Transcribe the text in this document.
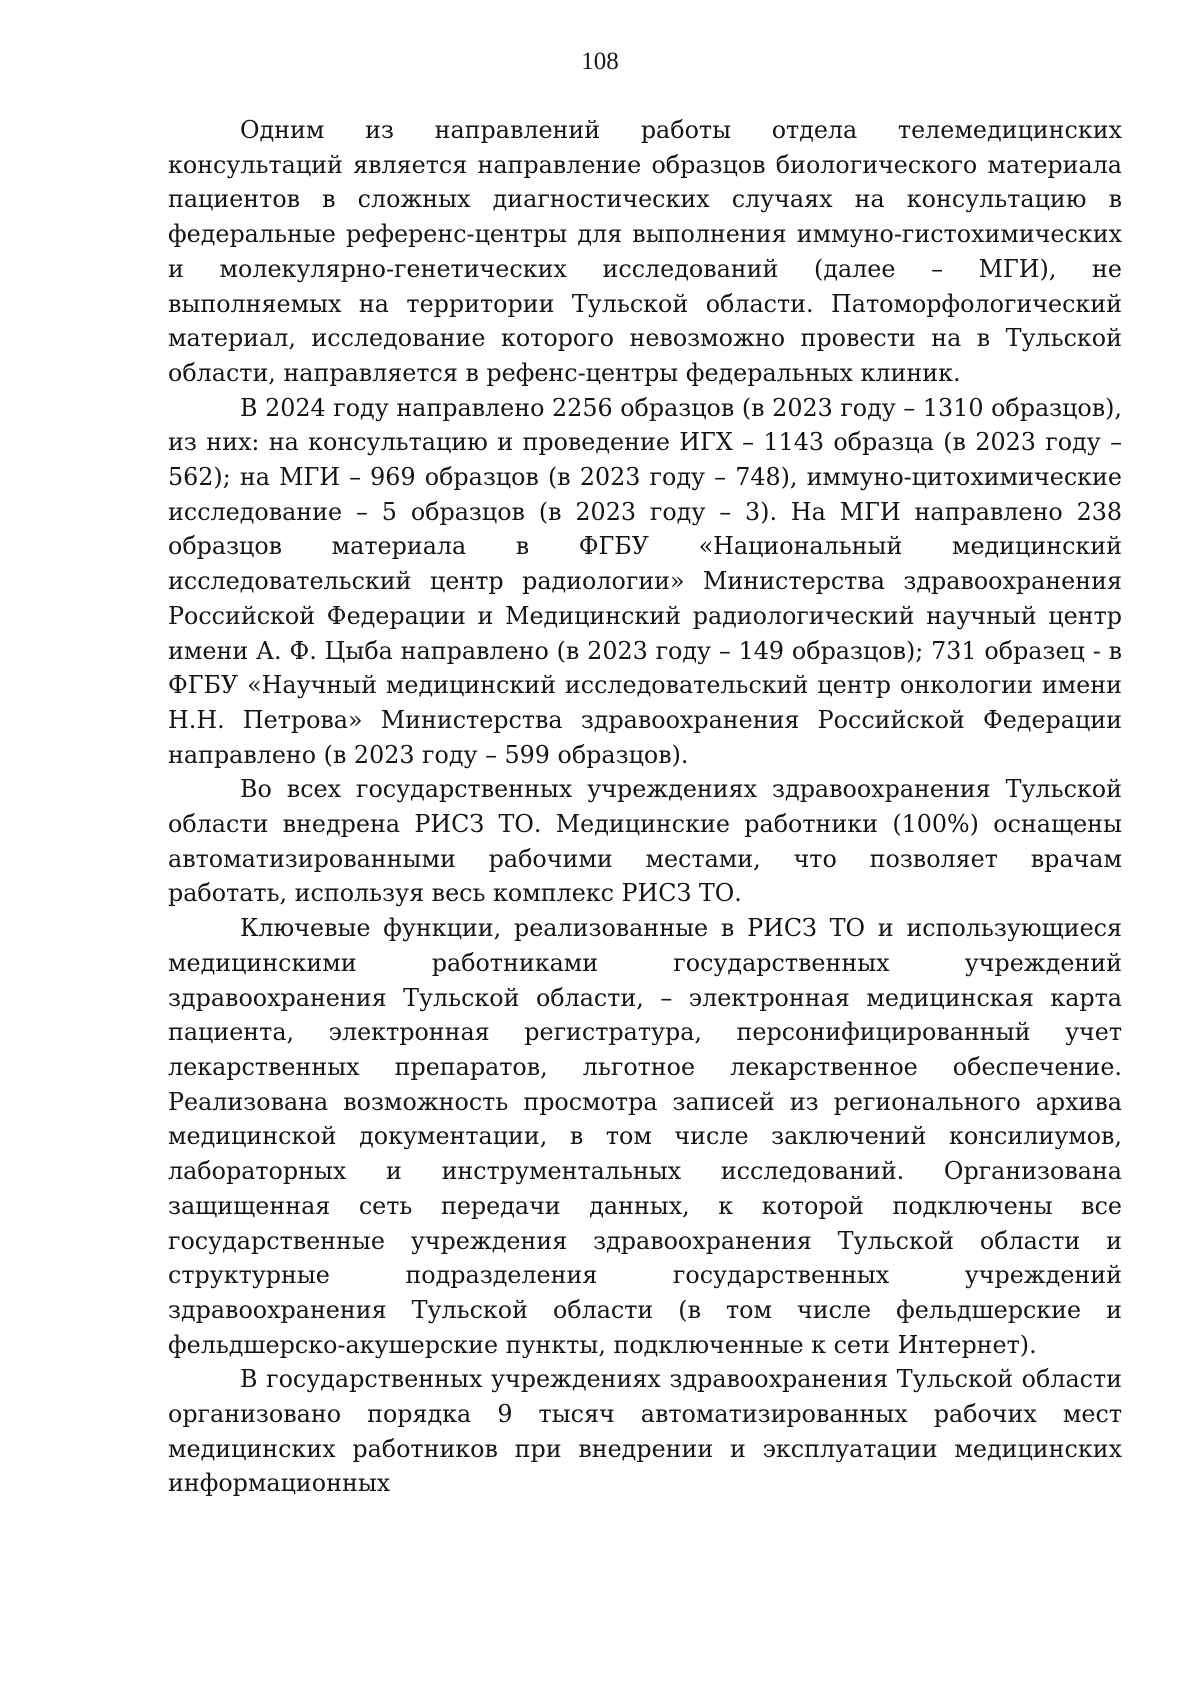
108

Одним из направлений работы отдела телемедицинских консультаций является направление образцов биологического материала пациентов в сложных диагностических случаях на консультацию в федеральные референс-центры для выполнения иммуно-гистохимических и молекулярно-генетических исследований (далее – МГИ), не выполняемых на территории Тульской области. Патоморфологический материал, исследование которого невозможно провести на в Тульской области, направляется в рефенс-центры федеральных клиник.

В 2024 году направлено 2256 образцов (в 2023 году – 1310 образцов), из них: на консультацию и проведение ИГХ – 1143 образца (в 2023 году – 562); на МГИ – 969 образцов (в 2023 году – 748), иммуно-цитохимические исследование – 5 образцов (в 2023 году – 3). На МГИ направлено 238 образцов материала в ФГБУ «Национальный медицинский исследовательский центр радиологии» Министерства здравоохранения Российской Федерации и Медицинский радиологический научный центр имени А. Ф. Цыба направлено (в 2023 году – 149 образцов); 731 образец - в ФГБУ «Научный медицинский исследовательский центр онкологии имени Н.Н. Петрова» Министерства здравоохранения Российской Федерации направлено (в 2023 году – 599 образцов).

Во всех государственных учреждениях здравоохранения Тульской области внедрена РИСЗ ТО. Медицинские работники (100%) оснащены автоматизированными рабочими местами, что позволяет врачам работать, используя весь комплекс РИСЗ ТО.

Ключевые функции, реализованные в РИСЗ ТО и использующиеся медицинскими работниками государственных учреждений здравоохранения Тульской области, – электронная медицинская карта пациента, электронная регистратура, персонифицированный учет лекарственных препаратов, льготное лекарственное обеспечение. Реализована возможность просмотра записей из регионального архива медицинской документации, в том числе заключений консилиумов, лабораторных и инструментальных исследований. Организована защищенная сеть передачи данных, к которой подключены все государственные учреждения здравоохранения Тульской области и структурные подразделения государственных учреждений здравоохранения Тульской области (в том числе фельдшерские и фельдшерско-акушерские пункты, подключенные к сети Интернет).

В государственных учреждениях здравоохранения Тульской области организовано порядка 9 тысяч автоматизированных рабочих мест медицинских работников при внедрении и эксплуатации медицинских информационных
